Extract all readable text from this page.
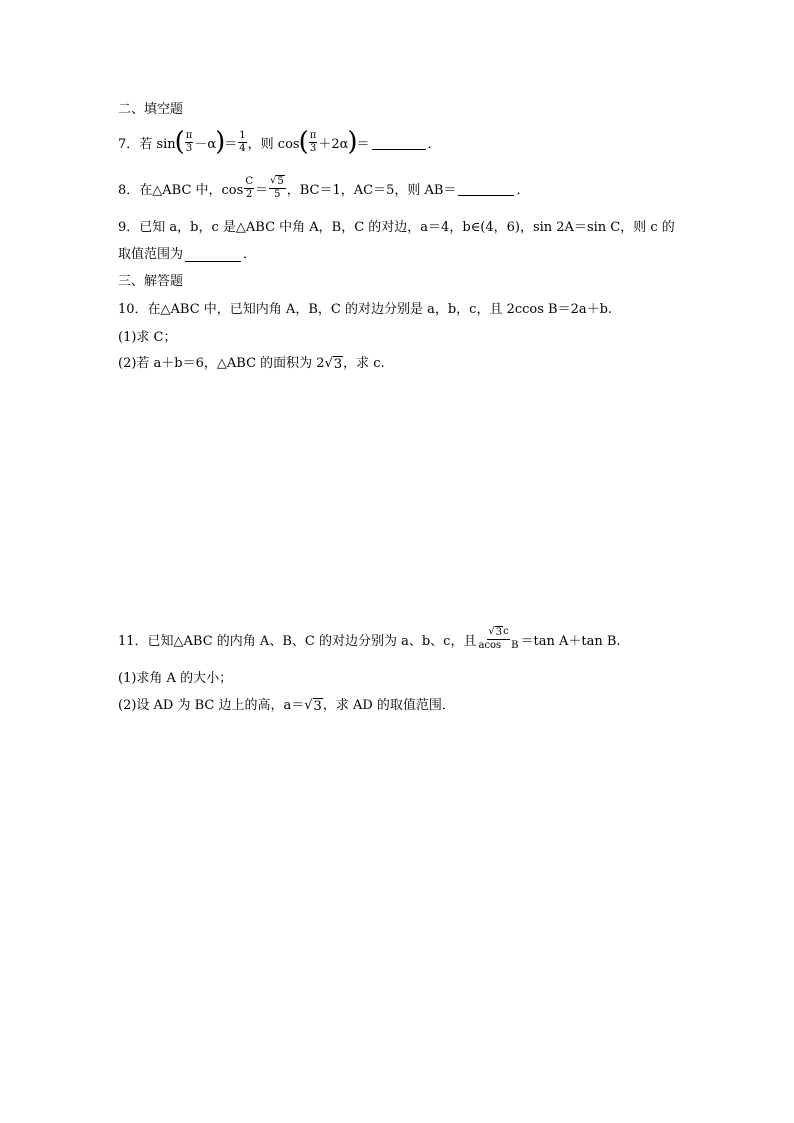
二、填空题
7．若 sin ( $\frac{\pi}{3} -\alpha$ ) ＝ $\frac{1}{4}$ ，则 cos ( $\frac{\pi}{3} +2\alpha$ ) ＝	．
8．在△ABC 中，$\cos \frac{C}{2} = \frac{√ 5}{5}$ ，BC＝1，AC＝5，则 AB＝	．
9．已知 a，b，c 是△ABC 中角 A，B，C 的对边，a＝4，b∈(4，6)，sin 2A＝sin C，则 c 的
取值范围为	．
三、解答题
10．在△ABC 中，已知内角 A，B，C 的对边分别是 a，b，c，且 2ccos B＝2a＋b.
(1)求 C；
(2)若 a＋b＝6，△ABC 的面积为 2 √ 3 ，求 c.
11．已知△ABC 的内角 A、B、C 的对边分别为 a、b、c，且 $\frac{√ 3 c}{\text{acos　B}} =\tan$ A＋tan B.
(1)求角 A 的大小；
(2)设 AD 为 BC 边上的高，a＝ √ 3 ，求 AD 的取值范围．
